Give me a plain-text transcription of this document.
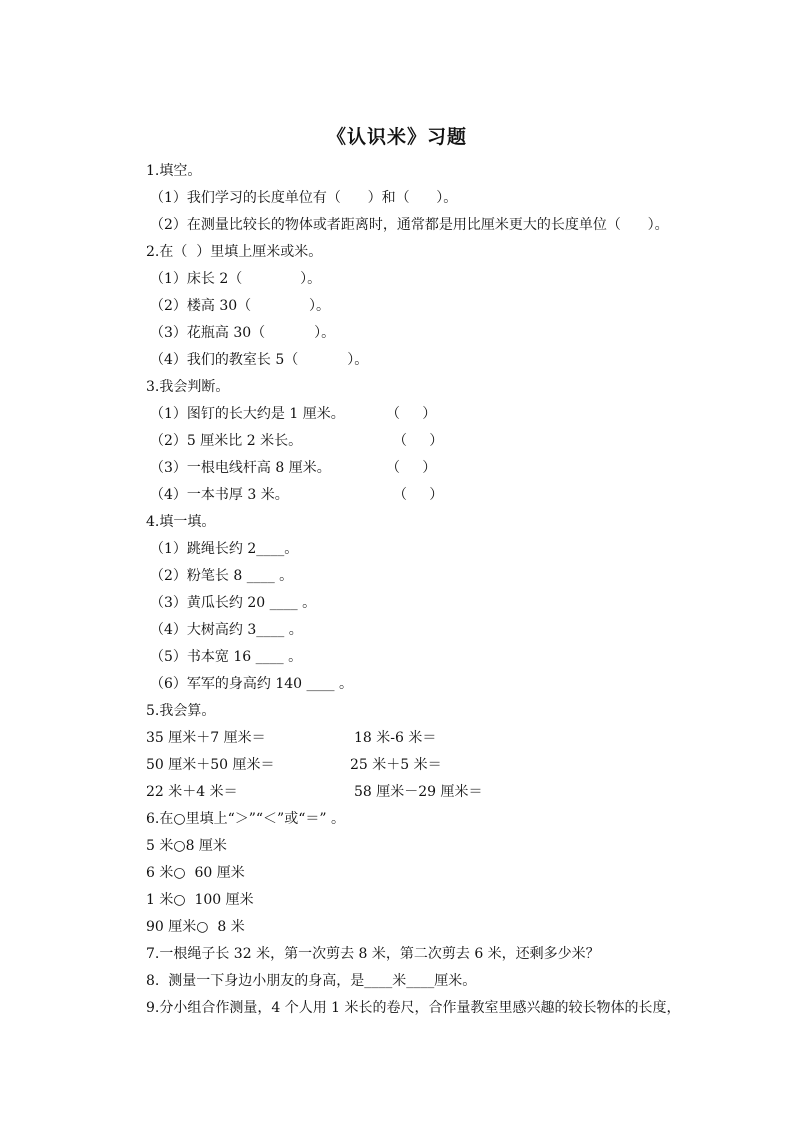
《认识米》习题
1.填空。
（1）我们学习的长度单位有（      ）和（      ）。
（2）在测量比较长的物体或者距离时，通常都是用比厘米更大的长度单位（      ）。
2.在（  ）里填上厘米或米。
（1）床长 2（             ）。
（2）楼高 30（             ）。
（3）花瓶高 30（           ）。
（4）我们的教室长 5（           ）。
3.我会判断。
（1）图钉的长大约是 1 厘米。	（     ）
（2）5 厘米比 2 米长。	（     ）
（3）一根电线杆高 8 厘米。	（     ）
（4）一本书厚 3 米。	（     ）
4.填一填。
（1）跳绳长约 2____。
（2）粉笔长 8 ____ 。
（3）黄瓜长约 20 ____ 。
（4）大树高约 3____ 。
（5）书本宽 16 ____ 。
（6）军军的身高约 140 ____ 。
5.我会算。
35 厘米＋7 厘米＝	18 米-6 米＝
50 厘米＋50 厘米＝	25 米＋5 米＝
22 米＋4 米＝	58 厘米－29 厘米＝
6.在○里填上“＞”“＜”或“＝” 。
5 米○8 厘米
6 米○  60 厘米
1 米○  100 厘米
90 厘米○  8 米
7.一根绳子长 32 米，第一次剪去 8 米，第二次剪去 6 米，还剩多少米？
8.  测量一下身边小朋友的身高，是____米____厘米。
9.分小组合作测量，4 个人用 1 米长的卷尺，合作量教室里感兴趣的较长物体的长度，
